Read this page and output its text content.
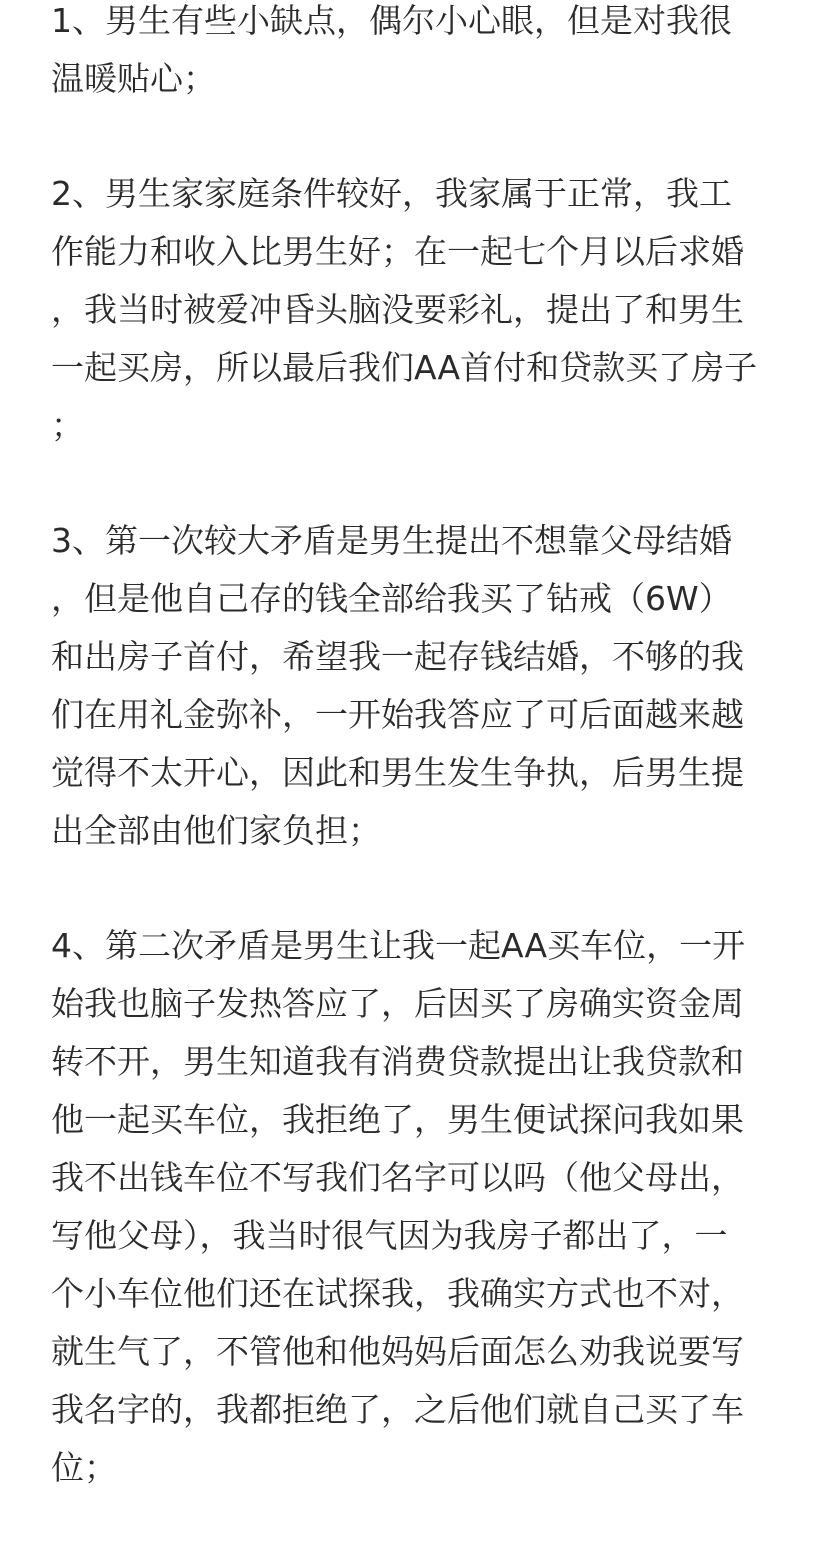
1、男生有些小缺点，偶尔小心眼，但是对我很
温暖贴心；
2、男生家家庭条件较好，我家属于正常，我工
作能力和收入比男生好；在一起七个月以后求婚
，我当时被爱冲昏头脑没要彩礼，提出了和男生
一起买房，所以最后我们AA首付和贷款买了房子
；
3、第一次较大矛盾是男生提出不想靠父母结婚
，但是他自己存的钱全部给我买了钻戒（6W）
和出房子首付，希望我一起存钱结婚，不够的我
们在用礼金弥补，一开始我答应了可后面越来越
觉得不太开心，因此和男生发生争执，后男生提
出全部由他们家负担；
4、第二次矛盾是男生让我一起AA买车位，一开
始我也脑子发热答应了，后因买了房确实资金周
转不开，男生知道我有消费贷款提出让我贷款和
他一起买车位，我拒绝了，男生便试探问我如果
我不出钱车位不写我们名字可以吗（他父母出，
写他父母），我当时很气因为我房子都出了，一
个小车位他们还在试探我，我确实方式也不对，
就生气了，不管他和他妈妈后面怎么劝我说要写
我名字的，我都拒绝了，之后他们就自己买了车
位；
